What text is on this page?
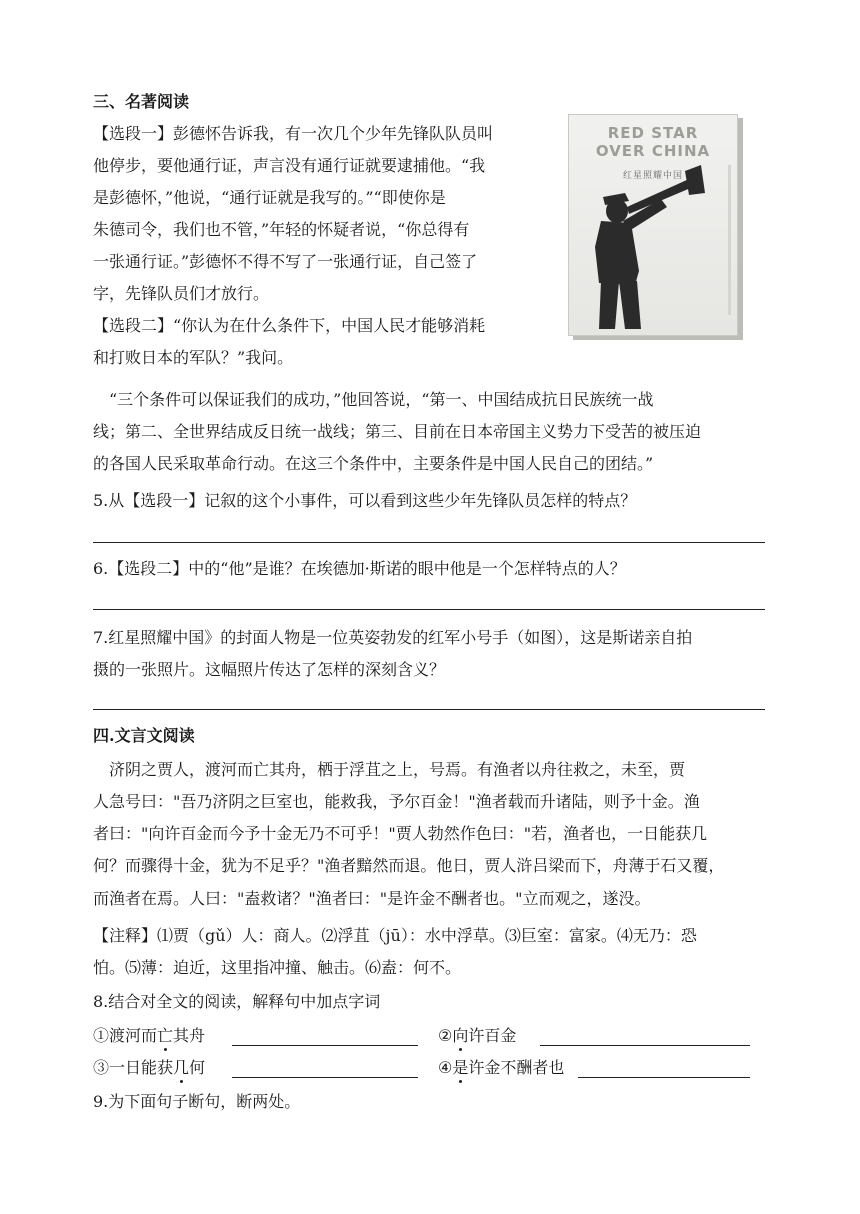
三、名著阅读
【选段一】彭德怀告诉我，有一次几个少年先锋队队员叫
他停步，要他通行证，声言没有通行证就要逮捕他。“我
是彭德怀，”他说，“通行证就是我写的。”“即使你是
朱德司令，我们也不管，”年轻的怀疑者说，“你总得有
一张通行证。”彭德怀不得不写了一张通行证，自己签了
字，先锋队员们才放行。
【选段二】“你认为在什么条件下，中国人民才能够消耗
和打败日本的军队？”我问。
　“三个条件可以保证我们的成功，”他回答说，“第一、中国结成抗日民族统一战
线；第二、全世界结成反日统一战线；第三、目前在日本帝国主义势力下受苦的被压迫
的各国人民采取革命行动。在这三个条件中，主要条件是中国人民自己的团结。”
RED STAR
OVER CHINA
红星照耀中国
5.从【选段一】记叙的这个小事件，可以看到这些少年先锋队员怎样的特点？
6.【选段二】中的“他”是谁？在埃德加·斯诺的眼中他是一个怎样特点的人？
7.红星照耀中国》的封面人物是一位英姿勃发的红军小号手（如图），这是斯诺亲自拍
摄的一张照片。这幅照片传达了怎样的深刻含义？
四.文言文阅读
　济阴之贾人，渡河而亡其舟，栖于浮苴之上，号焉。有渔者以舟往救之，未至，贾
人急号曰："吾乃济阴之巨室也，能救我，予尔百金！"渔者载而升诸陆，则予十金。渔
者曰："向许百金而今予十金无乃不可乎！"贾人勃然作色曰："若，渔者也，一日能获几
何？而骤得十金，犹为不足乎？"渔者黯然而退。他日，贾人浒吕梁而下，舟薄于石又覆，
而渔者在焉。人曰："盍救诸？"渔者曰："是许金不酬者也。"立而观之，遂没。
【注释】⑴贾（gǔ）人：商人。⑵浮苴（jū）：水中浮草。⑶巨室：富家。⑷无乃：恐
怕。⑸薄：迫近，这里指冲撞、触击。⑹盍：何不。
8.结合对全文的阅读，解释句中加点字词
①渡河而亡其舟	②向许百金
③一日能获几何	④是许金不酬者也
9.为下面句子断句，断两处。
